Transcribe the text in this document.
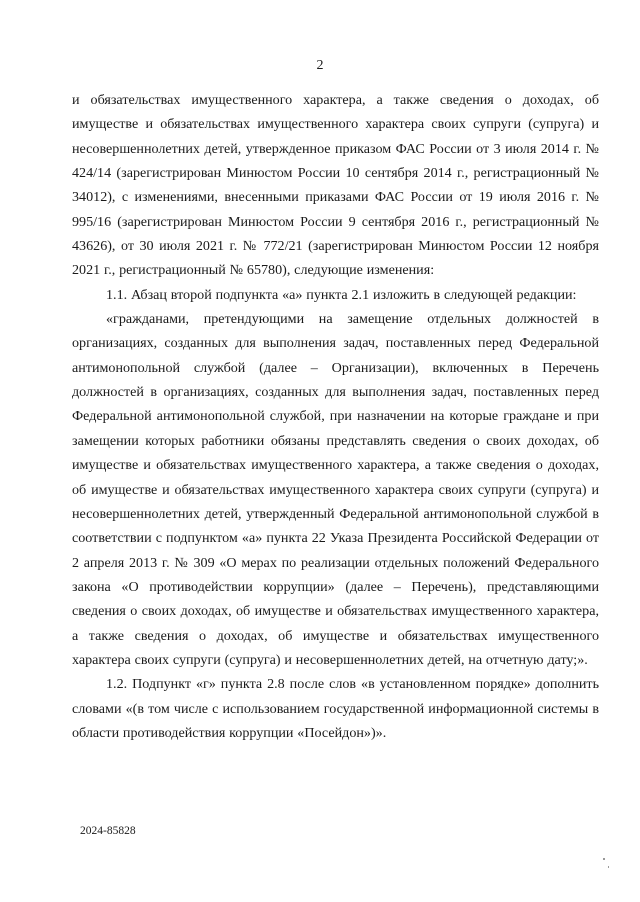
2

и обязательствах имущественного характера, а также сведения о доходах, об имуществе и обязательствах имущественного характера своих супруги (супруга) и несовершеннолетних детей, утвержденное приказом ФАС России от 3 июля 2014 г. № 424/14 (зарегистрирован Минюстом России 10 сентября 2014 г., регистрационный № 34012), с изменениями, внесенными приказами ФАС России от 19 июля 2016 г. № 995/16 (зарегистрирован Минюстом России 9 сентября 2016 г., регистрационный № 43626), от 30 июля 2021 г. № 772/21 (зарегистрирован Минюстом России 12 ноября 2021 г., регистрационный № 65780), следующие изменения:

1.1. Абзац второй подпункта «а» пункта 2.1 изложить в следующей редакции:

«гражданами, претендующими на замещение отдельных должностей в организациях, созданных для выполнения задач, поставленных перед Федеральной антимонопольной службой (далее – Организации), включенных в Перечень должностей в организациях, созданных для выполнения задач, поставленных перед Федеральной антимонопольной службой, при назначении на которые граждане и при замещении которых работники обязаны представлять сведения о своих доходах, об имуществе и обязательствах имущественного характера, а также сведения о доходах, об имуществе и обязательствах имущественного характера своих супруги (супруга) и несовершеннолетних детей, утвержденный Федеральной антимонопольной службой в соответствии с подпунктом «а» пункта 22 Указа Президента Российской Федерации от 2 апреля 2013 г. № 309 «О мерах по реализации отдельных положений Федерального закона «О противодействии коррупции» (далее – Перечень), представляющими сведения о своих доходах, об имуществе и обязательствах имущественного характера, а также сведения о доходах, об имуществе и обязательствах имущественного характера своих супруги (супруга) и несовершеннолетних детей, на отчетную дату;».

1.2. Подпункт «г» пункта 2.8 после слов «в установленном порядке» дополнить словами «(в том числе с использованием государственной информационной системы в области противодействия коррупции «Посейдон»)».

2024-85828
